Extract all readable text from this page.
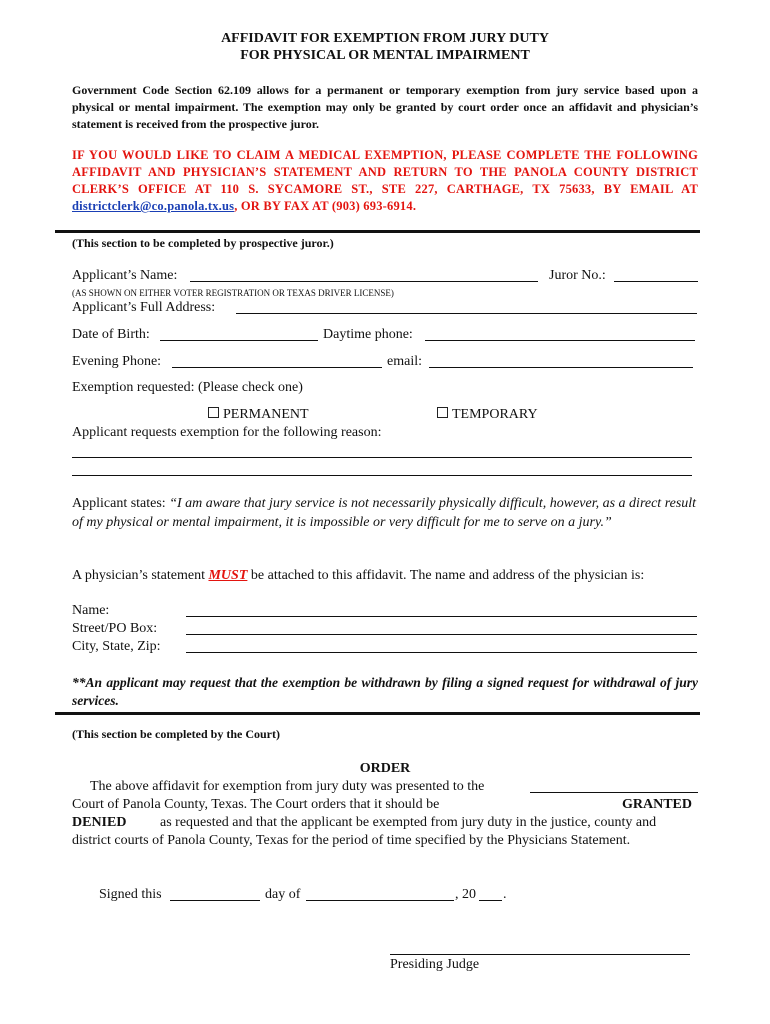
AFFIDAVIT FOR EXEMPTION FROM JURY DUTY
FOR PHYSICAL OR MENTAL IMPAIRMENT
Government Code Section 62.109 allows for a permanent or temporary exemption from jury service based upon a physical or mental impairment. The exemption may only be granted by court order once an affidavit and physician’s statement is received from the prospective juror.
IF YOU WOULD LIKE TO CLAIM A MEDICAL EXEMPTION, PLEASE COMPLETE THE FOLLOWING AFFIDAVIT AND PHYSICIAN’S STATEMENT AND RETURN TO THE PANOLA COUNTY DISTRICT CLERK’S OFFICE AT 110 S. SYCAMORE ST., STE 227, CARTHAGE, TX 75633, BY EMAIL AT districtclerk@co.panola.tx.us, OR BY FAX AT (903) 693-6914.
(This section to be completed by prospective juror.)
Applicant’s Name:	Juror No.:
(AS SHOWN ON EITHER VOTER REGISTRATION OR TEXAS DRIVER LICENSE)
Applicant’s Full Address:
Date of Birth:	Daytime phone:
Evening Phone:	email:
Exemption requested: (Please check one)
PERMANENT	TEMPORARY
Applicant requests exemption for the following reason:
Applicant states: “I am aware that jury service is not necessarily physically difficult, however, as a direct result of my physical or mental impairment, it is impossible or very difficult for me to serve on a jury.”
A physician’s statement MUST be attached to this affidavit. The name and address of the physician is:
Name:
Street/PO Box:
City, State, Zip:
**An applicant may request that the exemption be withdrawn by filing a signed request for withdrawal of jury services.
(This section be completed by the Court)
ORDER
The above affidavit for exemption from jury duty was presented to the
Court of Panola County, Texas. The Court orders that it should be	GRANTED
DENIED as requested and that the applicant be exempted from jury duty in the justice, county and
district courts of Panola County, Texas for the period of time specified by the Physicians Statement.
Signed this	day of	, 20 .
Presiding Judge
